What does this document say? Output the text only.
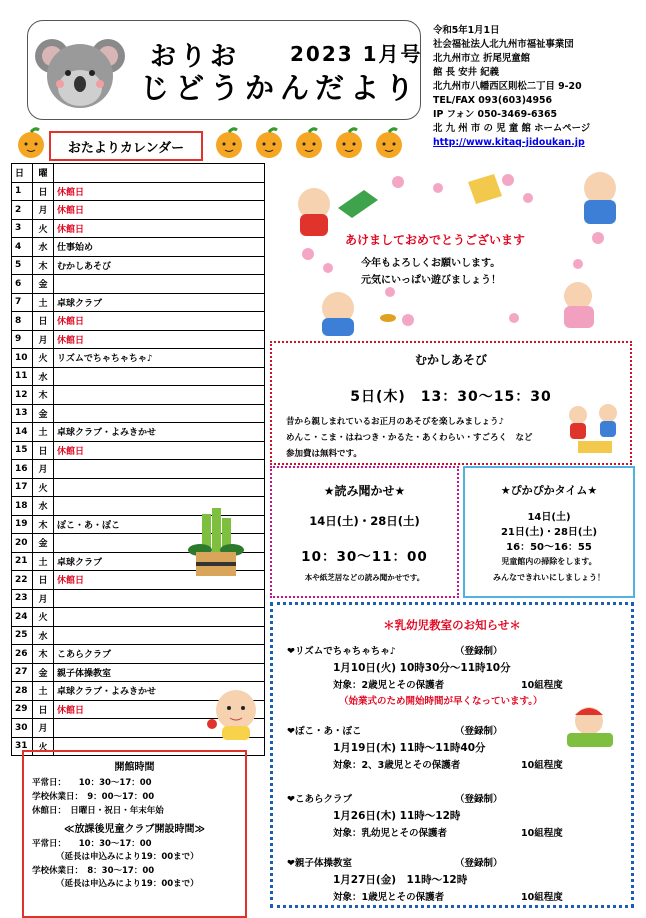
おりお 2023 1月号
じどうかんだより
令和5年1月1日
社会福祉法人北九州市福祉事業団
北九州市立 折尾児童館
館 長 安井 紀義
北九州市八幡西区則松二丁目 9-20
TEL/FAX 093(603)4956
IP フォン 050-3469-6365
北 九 州 市 の 児 童 館 ホームページ
http://www.kitaq-jidoukan.jp
おたよりカレンダー
日	曜	
1	日	休館日
2	月	休館日
3	火	休館日
4	水	仕事始め
5	木	むかしあそび
6	金	
7	土	卓球クラブ
8	日	休館日
9	月	休館日
10	火	リズムでちゃちゃちゃ♪
11	水	
12	木	
13	金	
14	土	卓球クラブ・よみきかせ
15	日	休館日
16	月	
17	火	
18	水	
19	木	ぽこ・あ・ぽこ
20	金	
21	土	卓球クラブ
22	日	休館日
23	月	
24	火	
25	水	
26	木	こあらクラブ
27	金	親子体操教室
28	土	卓球クラブ・よみきかせ
29	日	休館日
30	月	
31	火	
開館時間
平常日：　　10：30～17：00
学校休業日：　9：00～17：00
休館日：　日曜日・祝日・年末年始
≪放課後児童クラブ開設時間≫
平常日：　　10：30～17：00
（延長は申込みにより19：00まで）
学校休業日：　8：30～17：00
（延長は申込みにより19：00まで）
あけましておめでとうございます
今年もよろしくお願いします。
元気にいっぱい遊びましょう！
むかしあそび
5日(木)　13：30～15：30
昔から親しまれているお正月のあそびを楽しみましょう♪
めんこ・こま・はねつき・かるた・あくわらい・すごろく　など
参加費は無料です。
★読み聞かせ★
14日(土)・28日(土)
10：30～11：00
本や紙芝居などの読み聞かせです。
★ぴかぴかタイム★
14日(土)
21日(土)・28日(土)
16：50～16：55
児童館内の掃除をします。
みんなできれいにしましょう！
＊乳幼児教室のお知らせ＊
❤リズムでちゃちゃちゃ♪	（登録制）
1月10日(火) 10時30分～11時10分
対象：2歳児とその保護者	10組程度
（始業式のため開始時間が早くなっています。）
❤ぽこ・あ・ぽこ	（登録制）
1月19日(木) 11時～11時40分
対象：2、3歳児とその保護者	10組程度
❤こあらクラブ	（登録制）
1月26日(木) 11時～12時
対象：乳幼児とその保護者	10組程度
❤親子体操教室	（登録制）
1月27日(金)　11時～12時
対象：1歳児とその保護者	10組程度
